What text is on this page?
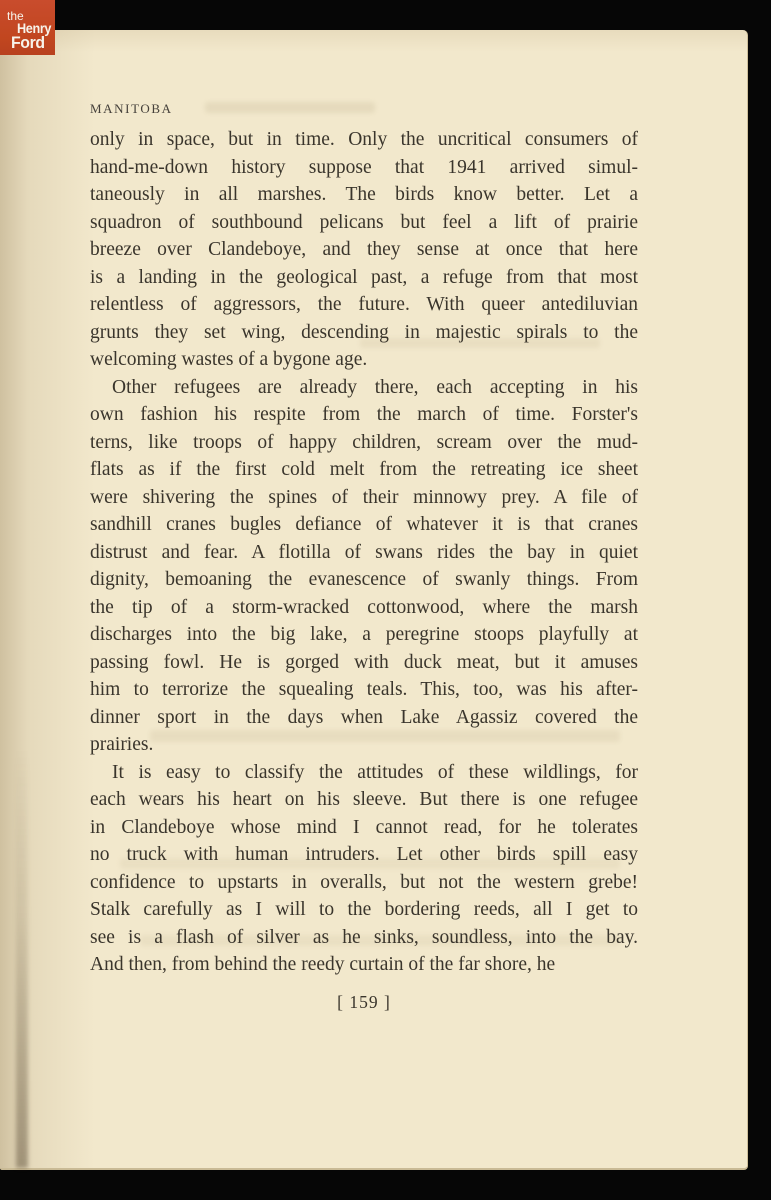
MANITOBA
only in space, but in time. Only the uncritical consumers of
hand-me-down history suppose that 1941 arrived simul-
taneously in all marshes. The birds know better. Let a
squadron of southbound pelicans but feel a lift of prairie
breeze over Clandeboye, and they sense at once that here
is a landing in the geological past, a refuge from that most
relentless of aggressors, the future. With queer antediluvian
grunts they set wing, descending in majestic spirals to the
welcoming wastes of a bygone age.
Other refugees are already there, each accepting in his
own fashion his respite from the march of time. Forster's
terns, like troops of happy children, scream over the mud-
flats as if the first cold melt from the retreating ice sheet
were shivering the spines of their minnowy prey. A file of
sandhill cranes bugles defiance of whatever it is that cranes
distrust and fear. A flotilla of swans rides the bay in quiet
dignity, bemoaning the evanescence of swanly things. From
the tip of a storm-wracked cottonwood, where the marsh
discharges into the big lake, a peregrine stoops playfully at
passing fowl. He is gorged with duck meat, but it amuses
him to terrorize the squealing teals. This, too, was his after-
dinner sport in the days when Lake Agassiz covered the
prairies.
It is easy to classify the attitudes of these wildlings, for
each wears his heart on his sleeve. But there is one refugee
in Clandeboye whose mind I cannot read, for he tolerates
no truck with human intruders. Let other birds spill easy
confidence to upstarts in overalls, but not the western grebe!
Stalk carefully as I will to the bordering reeds, all I get to
see is a flash of silver as he sinks, soundless, into the bay.
And then, from behind the reedy curtain of the far shore, he
[ 159 ]
the
Henry
Ford
